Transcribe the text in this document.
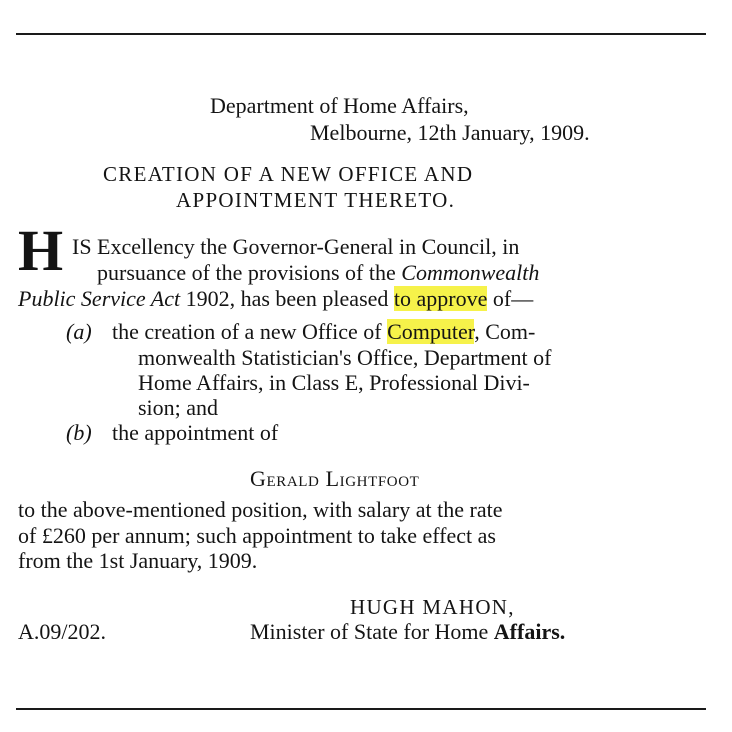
Department of Home Affairs,
Melbourne, 12th January, 1909.
CREATION OF A NEW OFFICE AND
APPOINTMENT THERETO.
H IS Excellency the Governor-General in Council, in
pursuance of the provisions of the Commonwealth
Public Service Act 1902, has been pleased to approve of—
(a) the creation of a new Office of Computer, Com-
monwealth Statistician's Office, Department of
Home Affairs, in Class E, Professional Divi-
sion; and
(b) the appointment of
Gerald Lightfoot
to the above-mentioned position, with salary at the rate
of £260 per annum; such appointment to take effect as
from the 1st January, 1909.
HUGH MAHON,
A.09/202.	Minister of State for Home Affairs.
